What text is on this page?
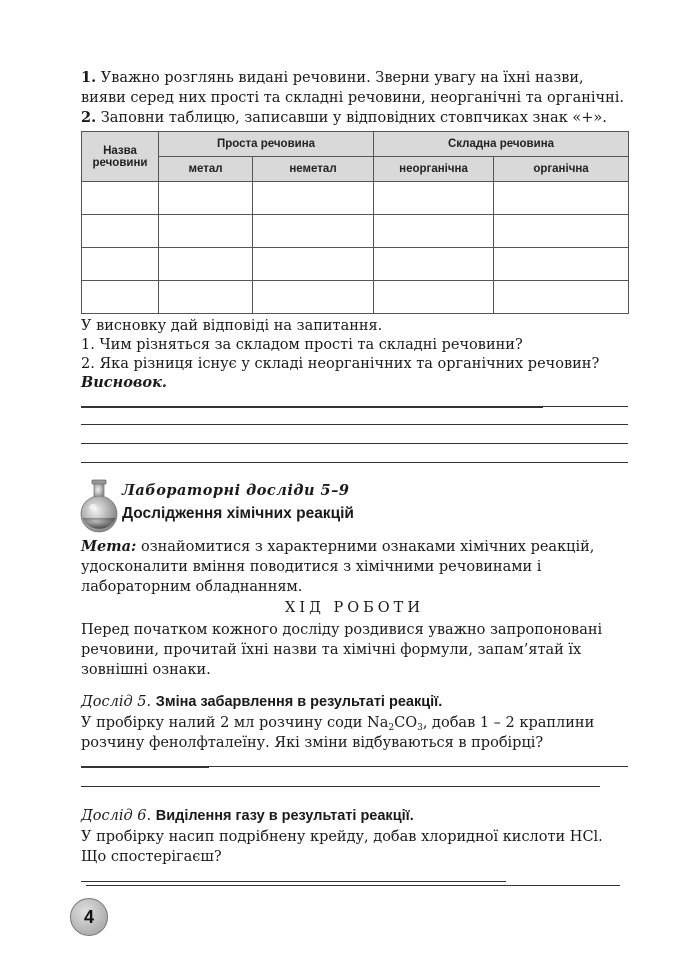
1. Уважно розглянь видані речовини. Зверни увагу на їхні назви, вияви серед них прості та складні речовини, неорганічні та органічні.

2. Заповни таблицю, записавши у відповідних стовпчиках знак «+».

Назва речовини	Проста речовина		Складна речовина	
	метал	неметал	неорганічна	органічна

У висновку дай відповіді на запитання.

1. Чим різняться за складом прості та складні речовини?

2. Яка різниця існує у складі неорганічних та органічних речовин?

Висновок.

Лабораторні досліди 5–9
Дослідження хімічних реакцій

Мета: ознайомитися з характерними ознаками хімічних реакцій, удосконалити вміння поводитися з хімічними речовинами і лабораторним обладнанням.

ХІД РОБОТИ

Перед початком кожного досліду роздивися уважно запропоновані речовини, прочитай їхні назви та хімічні формули, запам’ятай їх зовнішні ознаки.

Дослід 5. Зміна забарвлення в результаті реакції.

У пробірку налий 2 мл розчину соди $Na_2CO_3$, добав 1 – 2 краплини розчину фенолфталеїну. Які зміни відбуваються в пробірці?

Дослід 6. Виділення газу в результаті реакції.

У пробірку насип подрібнену крейду, добав хлоридної кислоти HCl. Що спостерігаєш?

4
